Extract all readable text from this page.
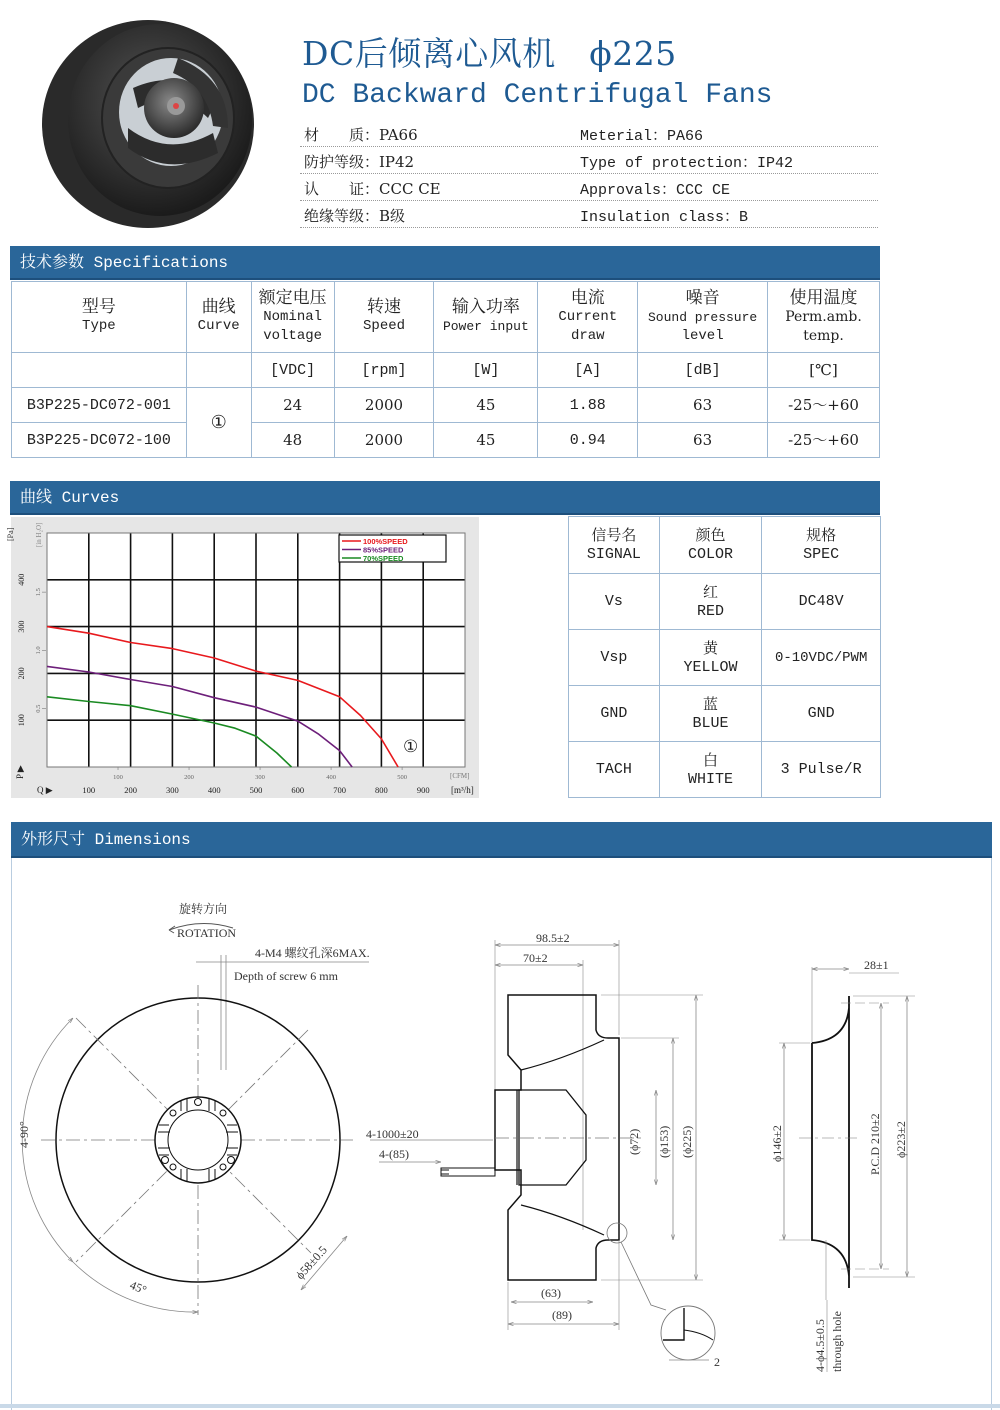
DC后倾离心风机　ϕ225
DC Backward Centrifugal Fans
材　　质：PA66	Meterial：PA66
防护等级：IP42	Type of protection：IP42
认　　证：CCC CE	Approvals：CCC CE
绝缘等级：B级	Insulation class：B
技术参数 Specifications
型号
Type

曲线
Curve

额定电压
Nominal
voltage

转速
Speed

输入功率
Power input

电流
Current
draw

噪音
Sound pressure
level

使用温度
Perm.amb.
temp.

		[VDC]	[rpm]	[W]	[A]	[dB]	[℃]
B3P225-DC072-001	①	24	2000	45	1.88	63	-25～+60
B3P225-DC072-100	48	2000	45	0.94	63	-25～+60
曲线 Curves
100%SPEED
85%SPEED
70%SPEED
①
100	200	300	400	500	600	700	800	900
100	200	300	400	500
100
200
300
400
0.5
1.0
1.5
[Pa]	[in H₂O]
[CFM]
[m³/h]
Q ▶
P ▶
信号名
SIGNAL

颜色
COLOR

规格
SPEC

Vs	
红
RED
	DC48V
Vsp	
黄
YELLOW
	0-10VDC/PWM
GND	
蓝
BLUE
	GND
TACH	
白
WHITE
	3 Pulse/R
外形尺寸 Dimensions
旋转方向
ROTATION
4-M4 螺纹孔深6MAX.
Depth of screw 6 mm
4-90°
45°
ϕ58±0.5
98.5±2
70±2
(ϕ72) (ϕ153) (ϕ225)
4-1000±20
4-(85)
(63)
(89)
2
28±1
ϕ146±2	P.C.D 210±2 ϕ223±2
4-ϕ4.5±0.5 through hole
